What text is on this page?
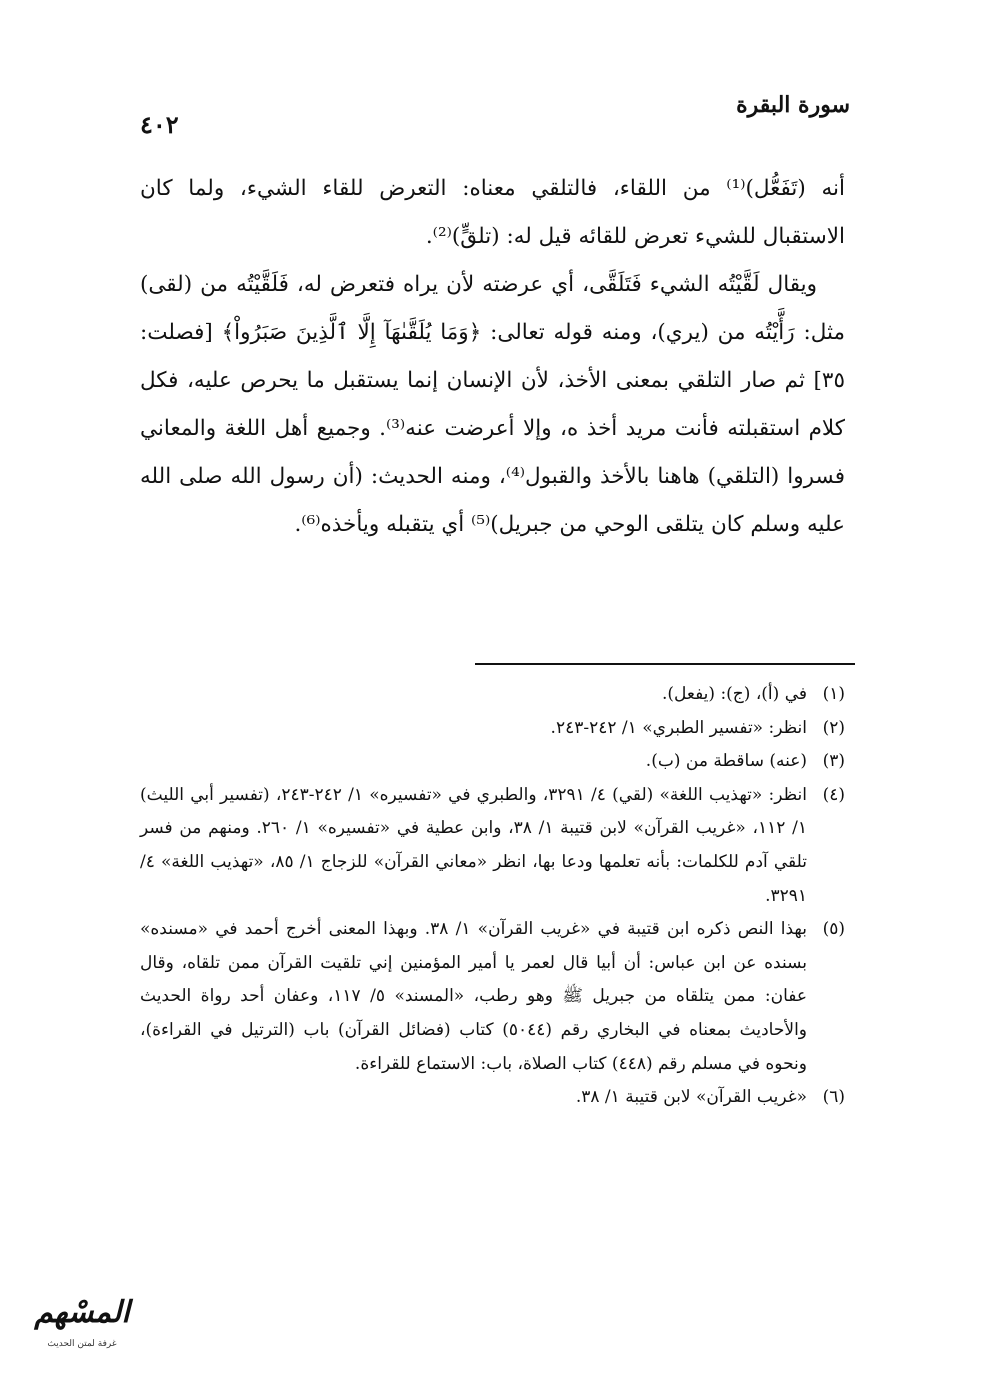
٤٠٢
سورة البقرة

أنه (تَفَعُّل)⁽¹⁾ من اللقاء، فالتلقي معناه: التعرض للقاء الشيء، ولما كان الاستقبال للشيء تعرض للقائه قيل له: (تلقٍّ)⁽²⁾.

ويقال لَقَّيْتُه الشيء فَتَلَقَّى، أي عرضته لأن يراه فتعرض له، فَلَقَّيْتُه من (لقى) مثل: رَأَّيْتُه من (يري)، ومنه قوله تعالى: ﴿وَمَا يُلَقَّىٰهَآ إِلَّا ٱلَّذِينَ صَبَرُواْ﴾ [فصلت: ٣٥] ثم صار التلقي بمعنى الأخذ، لأن الإنسان إنما يستقبل ما يحرص عليه، فكل كلام استقبلته فأنت مريد أخذ ه، وإلا أعرضت عنه⁽³⁾. وجميع أهل اللغة والمعاني فسروا (التلقي) هاهنا بالأخذ والقبول⁽⁴⁾، ومنه الحديث: (أن رسول الله صلى الله عليه وسلم كان يتلقى الوحي من جبريل)⁽⁵⁾ أي يتقبله ويأخذه⁽⁶⁾.

(١)
في (أ)، (ج): (يفعل).

(٢)
انظر: «تفسير الطبري» ١/ ٢٤٢-٢٤٣.

(٣)
(عنه) ساقطة من (ب).

(٤)
انظر: «تهذيب اللغة» (لقي) ٤/ ٣٢٩١، والطبري في «تفسيره» ١/ ٢٤٢-٢٤٣، (تفسير أبي الليث) ١/ ١١٢، «غريب القرآن» لابن قتيبة ١/ ٣٨، وابن عطية في «تفسيره» ١/ ٢٦٠. ومنهم من فسر تلقي آدم للكلمات: بأنه تعلمها ودعا بها، انظر «معاني القرآن» للزجاج ١/ ٨٥، «تهذيب اللغة» ٤/ ٣٢٩١.

(٥)
بهذا النص ذكره ابن قتيبة في «غريب القرآن» ١/ ٣٨. وبهذا المعنى أخرج أحمد في «مسنده» بسنده عن ابن عباس: أن أبيا قال لعمر يا أمير المؤمنين إني تلقيت القرآن ممن تلقاه، وقال عفان: ممن يتلقاه من جبريل ﷺ وهو رطب، «المسند» ٥/ ١١٧، وعفان أحد رواة الحديث والأحاديث بمعناه في البخاري رقم (٥٠٤٤) كتاب (فضائل القرآن) باب (الترتيل في القراءة)، ونحوه في مسلم رقم (٤٤٨) كتاب الصلاة، باب: الاستماع للقراءة.

(٦)
«غريب القرآن» لابن قتيبة ١/ ٣٨.

المسْهم
غرفة لمتن الحديث
